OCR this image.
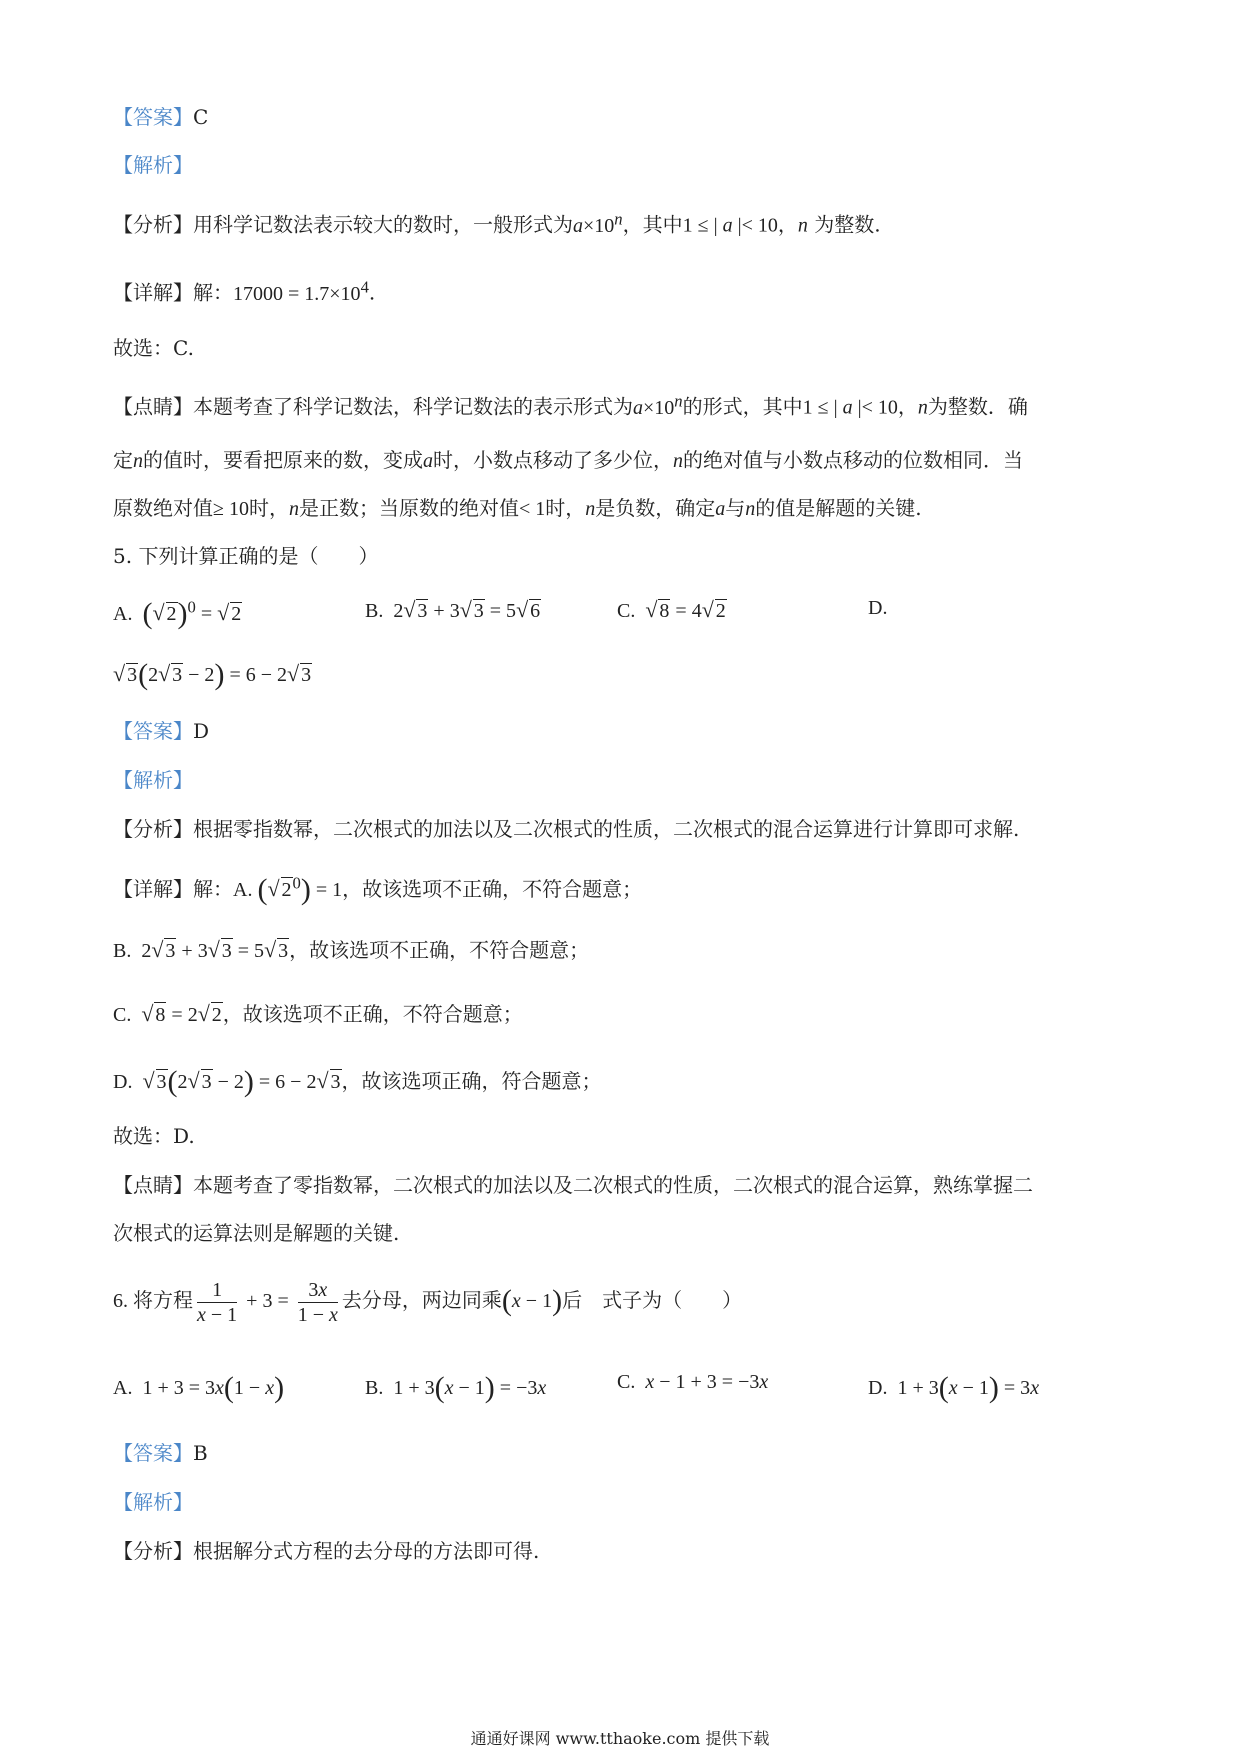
【答案】C
【解析】
【分析】用科学记数法表示较大的数时，一般形式为$a\times 10^n$，其中1 ≤ | a |< 10，n 为整数.
【详解】解：$17000 = 1.7\times 10^4$.
故选：C.
【点睛】本题考查了科学记数法，科学记数法的表示形式为$a\times 10^n$的形式，其中1 ≤ | a |< 10，n为整数．确
定n的值时，要看把原来的数，变成a时，小数点移动了多少位，n的绝对值与小数点移动的位数相同．当
原数绝对值≥ 10时，n是正数；当原数的绝对值< 1时，n是负数，确定a与n的值是解题的关键.
5. 下列计算正确的是（　　）
A.  (√ 2)$^0$ = √ 2	B.  2√ 3 + 3√ 3 = 5√ 6	C.  √ 8 = 4√ 2	D.
√ 3(2√ 3 − 2) = 6 − 2√ 3
【答案】D
【解析】
【分析】根据零指数幂，二次根式的加法以及二次根式的性质，二次根式的混合运算进行计算即可求解.
【详解】解：A. (√ $2^0) = 1$，故该选项不正确，不符合题意；
B.  2√ 3 + 3√ 3 = 5√ 3，故该选项不正确，不符合题意；
C.  √ 8 = 2√ 2，故该选项不正确，不符合题意；
D.  √ 3(2√ 3 − 2) = 6 − 2√ 3，故该选项正确，符合题意；
故选：D.
【点睛】本题考查了零指数幂，二次根式的加法以及二次根式的性质，二次根式的混合运算，熟练掌握二
次根式的运算法则是解题的关键.
6. 将方程 $\frac{1}{x - 1} + 3 = \frac{3x}{1 - x}$ 去分母，两边同乘(x − 1)后　式子为（　　）
A.  1 + 3 = 3x(1 − x)	B.  1 + 3(x − 1) = −3x	C.  x − 1 + 3 = −3x	D.  1 + 3(x − 1) = 3x
【答案】B
【解析】
【分析】根据解分式方程的去分母的方法即可得.
通通好课网 www.tthaoke.com 提供下载
